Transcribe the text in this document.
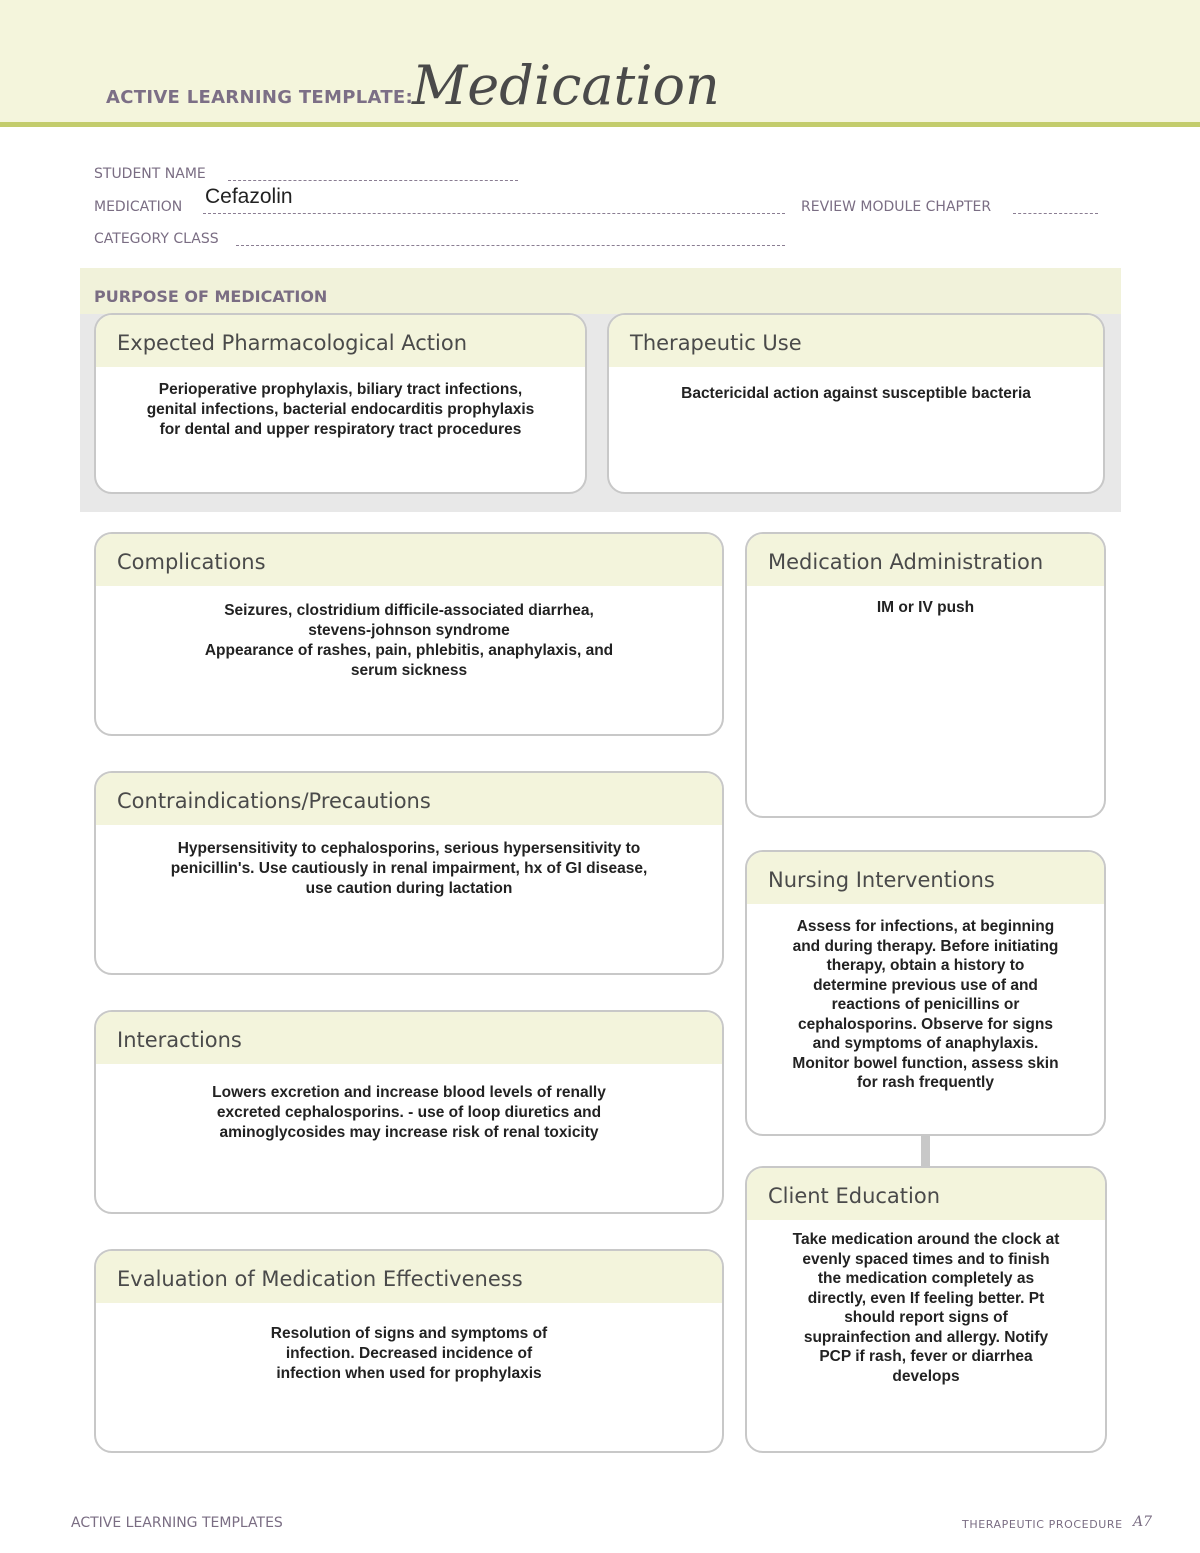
ACTIVE LEARNING TEMPLATE: Medication
STUDENT NAME
MEDICATION Cefazolin	REVIEW MODULE CHAPTER
CATEGORY CLASS
PURPOSE OF MEDICATION
Expected Pharmacological Action
Perioperative prophylaxis, biliary tract infections,
genital infections, bacterial endocarditis prophylaxis
for dental and upper respiratory tract procedures
Therapeutic Use
Bactericidal action against susceptible bacteria
Complications
Seizures, clostridium difficile-associated diarrhea,
stevens-johnson syndrome
Appearance of rashes, pain, phlebitis, anaphylaxis, and
serum sickness
Contraindications/Precautions
Hypersensitivity to cephalosporins, serious hypersensitivity to
penicillin's. Use cautiously in renal impairment, hx of GI disease,
use caution during lactation
Interactions
Lowers excretion and increase blood levels of renally
excreted cephalosporins. - use of loop diuretics and
aminoglycosides may increase risk of renal toxicity
Evaluation of Medication Effectiveness
Resolution of signs and symptoms of
infection. Decreased incidence of
infection when used for prophylaxis
Medication Administration
IM or IV push
Nursing Interventions
Assess for infections, at beginning
and during therapy. Before initiating
therapy, obtain a history to
determine previous use of and
reactions of penicillins or
cephalosporins. Observe for signs
and symptoms of anaphylaxis.
Monitor bowel function, assess skin
for rash frequently
Client Education
Take medication around the clock at
evenly spaced times and to finish
the medication completely as
directly, even If feeling better. Pt
should report signs of
suprainfection and allergy. Notify
PCP if rash, fever or diarrhea
develops
ACTIVE LEARNING TEMPLATES	THERAPEUTIC PROCEDURE A7
